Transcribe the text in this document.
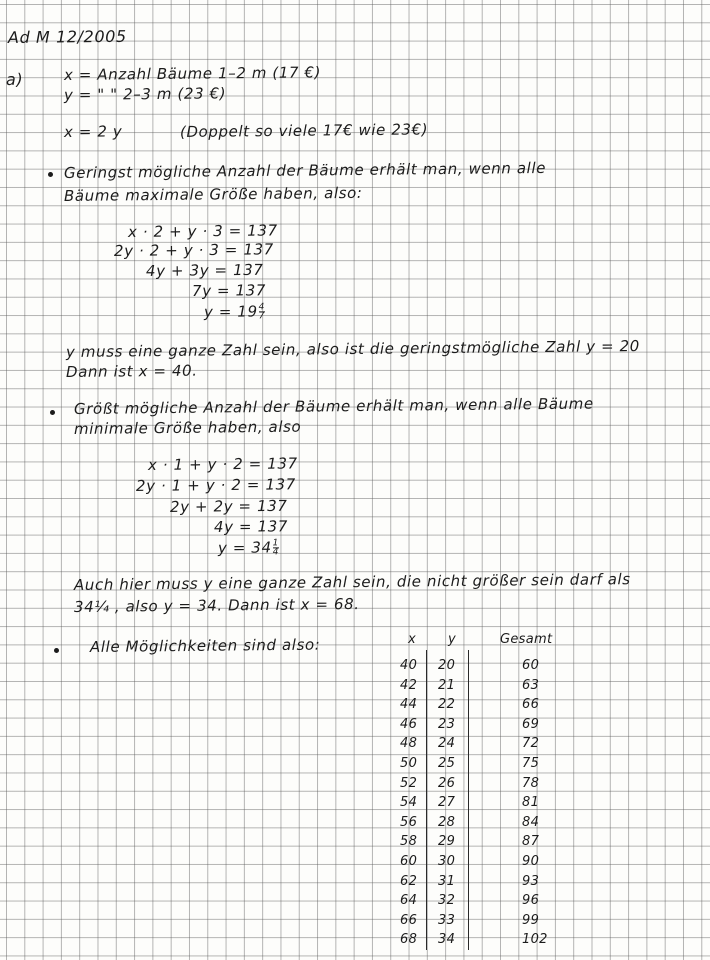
Ad M 12/2005
a)	x = Anzahl Bäume 1–2 m (17 €)
y = " " 2–3 m (23 €)
x = 2 y	(Doppelt so viele 17€ wie 23€)
Geringst mögliche Anzahl der Bäume erhält man, wenn alle
Bäume maximale Größe haben, also:
x · 2 + y · 3 = 137
2y · 2 + y · 3 = 137
4y + 3y = 137
7y = 137
$y = 19 \frac{4}{7}$
y muss eine ganze Zahl sein, also ist die geringstmögliche Zahl y = 20
Dann ist x = 40.
Größt mögliche Anzahl der Bäume erhält man, wenn alle Bäume
minimale Größe haben, also
x · 1 + y · 2 = 137
2y · 1 + y · 2 = 137
2y + 2y = 137
4y = 137
$y = 34 \frac{1}{4}$
Auch hier muss y eine ganze Zahl sein, die nicht größer sein darf als
34¼ , also y = 34. Dann ist x = 68.
Alle Möglichkeiten sind also:	x y	Gesamt
40 20	60
42 21	63
44 22	66
46 23	69
48 24	72
50 25	75
52 26	78
54 27	81
56 28	84
58 29	87
60 30	90
62 31	93
64 32	96
66 33	99
68 34	102
